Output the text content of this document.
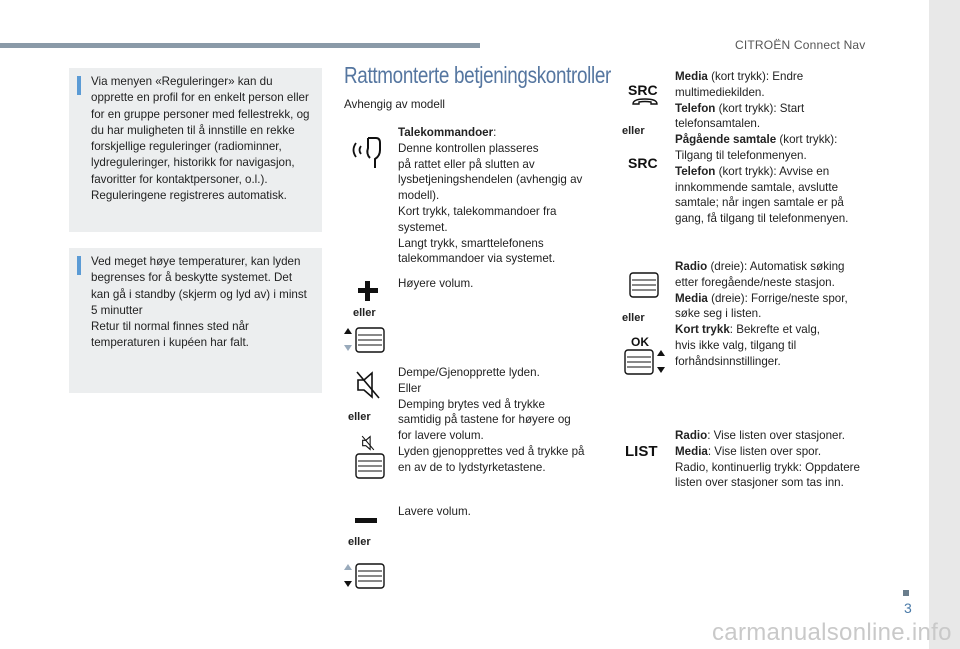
CITROËN Connect Nav
3
carmanualsonline.info
Via menyen «Reguleringer» kan du
opprette en profil for en enkelt person eller
for en gruppe personer med fellestrekk, og
du har muligheten til å innstille en rekke
forskjellige reguleringer (radiominner,
lydreguleringer, historikk for navigasjon,
favoritter for kontaktpersoner, o.l.).
Reguleringene registreres automatisk.
Ved meget høye temperaturer, kan lyden
begrenses for å beskytte systemet. Det
kan gå i standby (skjerm og lyd av) i minst
5 minutter
Retur til normal finnes sted når
temperaturen i kupéen har falt.
Rattmonterte betjeningskontroller
Avhengig av modell
Talekommandoer:
Denne kontrollen plasseres
på rattet eller på slutten av
lysbetjeningshendelen (avhengig av
modell).
Kort trykk, talekommandoer fra
systemet.
Langt trykk, smarttelefonens
talekommandoer via systemet.
eller
Høyere volum.
eller
Dempe/Gjenopprette lyden.
Eller
Demping brytes ved å trykke
samtidig på tastene for høyere og
for lavere volum.
Lyden gjenopprettes ved å trykke på
en av de to lydstyrketastene.
eller
Lavere volum.
SRC
eller
SRC
Media (kort trykk): Endre
multimediekilden.
Telefon (kort trykk): Start
telefonsamtalen.
Pågående samtale (kort trykk):
Tilgang til telefonmenyen.
Telefon (kort trykk): Avvise en
innkommende samtale, avslutte
samtale; når ingen samtale er på
gang, få tilgang til telefonmenyen.
eller
OK
Radio (dreie): Automatisk søking
etter foregående/neste stasjon.
Media (dreie): Forrige/neste spor,
søke seg i listen.
Kort trykk: Bekrefte et valg,
hvis ikke valg, tilgang til
forhåndsinnstillinger.
LIST
Radio: Vise listen over stasjoner.
Media: Vise listen over spor.
Radio, kontinuerlig trykk: Oppdatere
listen over stasjoner som tas inn.
